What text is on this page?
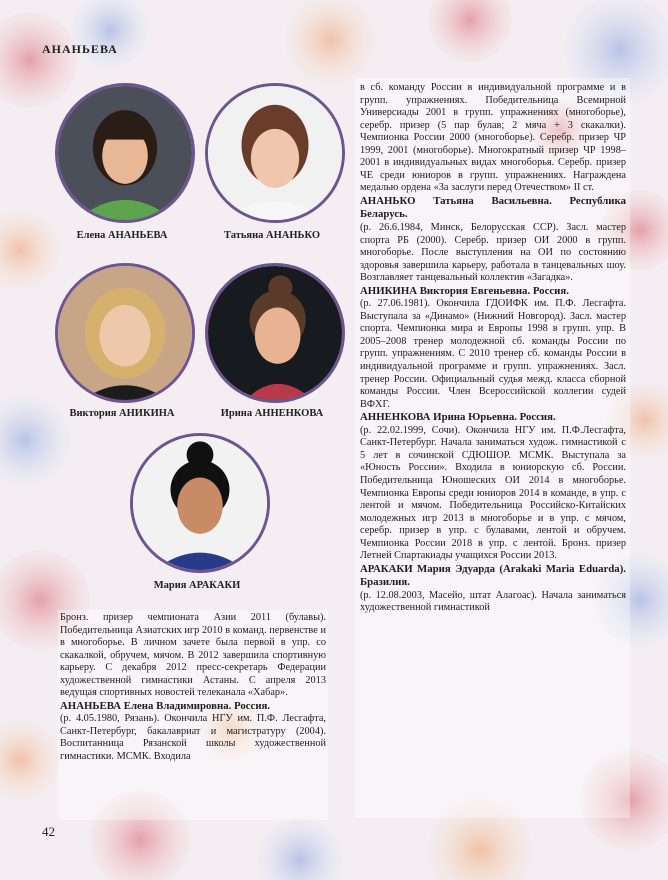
АНАНЬЕВА
Елена АНАНЬЕВА	Татьяна АНАНЬКО
Виктория АНИКИНА	Ирина АННЕНКОВА
Мария АРАКАКИ

Бронз. призер чемпионата Азии 2011 (булавы). Победительница Азиатских игр 2010 в команд. первенстве и в многоборье. В личном зачете была первой в упр. со скакалкой, обручем, мячом. В 2012 завершила спортивную карьеру. С декабря 2012 пресс-секретарь Федерации художественной гимнастики Астаны. С апреля 2013 ведущая спортивных новостей телеканала «Хабар».

АНАНЬЕВА Елена Владимировна. Россия.
(р. 4.05.1980, Рязань). Окончила НГУ им. П.Ф. Лесгафта, Санкт-Петербург, бакалавриат и магистратуру (2004). Воспитанница Рязанской школы художественной гимнастики. МСМК. Входила

в сб. команду России в индивидуальной программе и в групп. упражнениях. Победительница Всемирной Универсиады 2001 в групп. упражнениях (многоборье), серебр. призер (5 пар булав; 2 мяча + 3 скакалки). Чемпионка России 2000 (многоборье). Серебр. призер ЧР 1999, 2001 (многоборье). Многократный призер ЧР 1998–2001 в индивидуальных видах многоборья. Серебр. призер ЧЕ среди юниоров в групп. упражнениях. Награждена медалью ордена «За заслуги перед Отечеством» II ст.

АНАНЬКО Татьяна Васильевна. Республика Беларусь.
(р. 26.6.1984, Минск, Белорусская ССР). Засл. мастер спорта РБ (2000). Серебр. призер ОИ 2000 в групп. многоборье. После выступления на ОИ по состоянию здоровья завершила карьеру, работала в танцевальных шоу. Возглавляет танцевальный коллектив «Загадка».

АНИКИНА Виктория Евгеньевна. Россия.
(р. 27.06.1981). Окончила ГДОИФК им. П.Ф. Лесгафта. Выступала за «Динамо» (Нижний Новгород). Засл. мастер спорта. Чемпионка мира и Европы 1998 в групп. упр. В 2005–2008 тренер молодежной сб. команды России по групп. упражнениям. С 2010 тренер сб. команды России в индивидуальной программе и групп. упражнениях. Засл. тренер России. Официальный судья межд. класса сборной команды России. Член Всероссийской коллегии судей ВФХГ.

АННЕНКОВА Ирина Юрьевна. Россия.
(р. 22.02.1999, Сочи). Окончила НГУ им. П.Ф.Лесгафта, Санкт-Петербург. Начала заниматься худож. гимнастикой с 5 лет в сочинской СДЮШОР. МСМК. Выступала за «Юность России». Входила в юниорскую сб. России. Победительница Юношеских ОИ 2014 в многоборье. Чемпионка Европы среди юниоров 2014 в команде, в упр. с лентой и мячом. Победительница Российско-Китайских молодежных игр 2013 в многоборье и в упр. с мячом, серебр. призер в упр. с булавами, лентой и обручем. Чемпионка России 2018 в упр. с лентой. Бронз. призер Летней Спартакиады учащихся России 2013.

АРАКАКИ Мария Эдуарда (Arakaki Maria Eduarda). Бразилия.
(р. 12.08.2003, Масейо, штат Алагоас). Начала заниматься художественной гимнастикой

42
